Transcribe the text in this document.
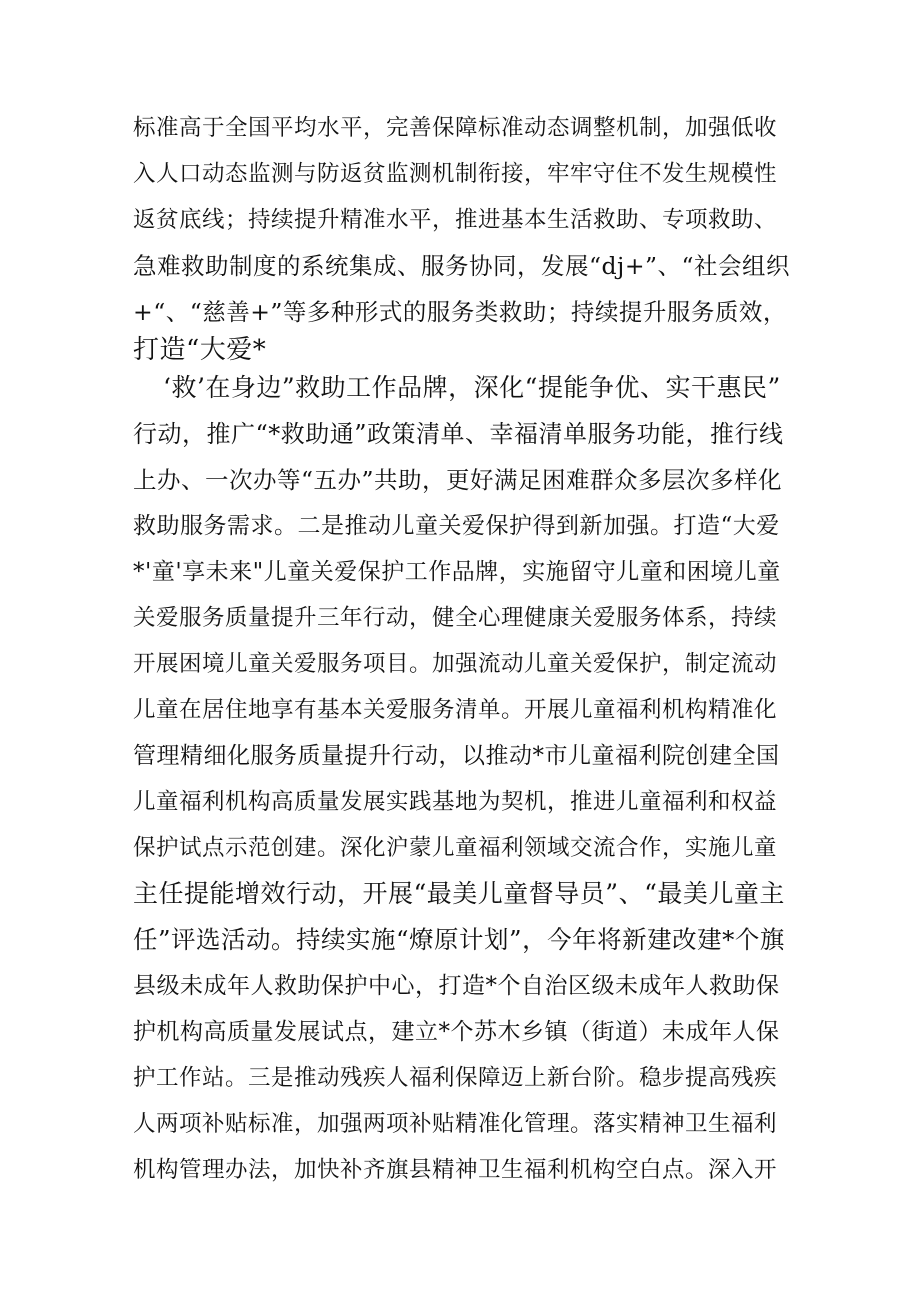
标准高于全国平均水平，完善保障标准动态调整机制，加强低收
入人口动态监测与防返贫监测机制衔接，牢牢守住不发生规模性
返贫底线；持续提升精准水平，推进基本生活救助、专项救助、
急难救助制度的系统集成、服务协同，发展“dj+”、“社会组织
+“、“慈善+”等多种形式的服务类救助；持续提升服务质效，
打造“大爱*
‘救’在身边”救助工作品牌，深化“提能争优、实干惠民”
行动，推广“*救助通”政策清单、幸福清单服务功能，推行线
上办、一次办等“五办”共助，更好满足困难群众多层次多样化
救助服务需求。二是推动儿童关爱保护得到新加强。打造“大爱
*'童'享未来"儿童关爱保护工作品牌，实施留守儿童和困境儿童
关爱服务质量提升三年行动，健全心理健康关爱服务体系，持续
开展困境儿童关爱服务项目。加强流动儿童关爱保护，制定流动
儿童在居住地享有基本关爱服务清单。开展儿童福利机构精准化
管理精细化服务质量提升行动，以推动*市儿童福利院创建全国
儿童福利机构高质量发展实践基地为契机，推进儿童福利和权益
保护试点示范创建。深化沪蒙儿童福利领域交流合作，实施儿童
主任提能增效行动，开展“最美儿童督导员”、“最美儿童主
任”评选活动。持续实施“燎原计划”，今年将新建改建*个旗
县级未成年人救助保护中心，打造*个自治区级未成年人救助保
护机构高质量发展试点，建立*个苏木乡镇（街道）未成年人保
护工作站。三是推动残疾人福利保障迈上新台阶。稳步提高残疾
人两项补贴标准，加强两项补贴精准化管理。落实精神卫生福利
机构管理办法，加快补齐旗县精神卫生福利机构空白点。深入开
